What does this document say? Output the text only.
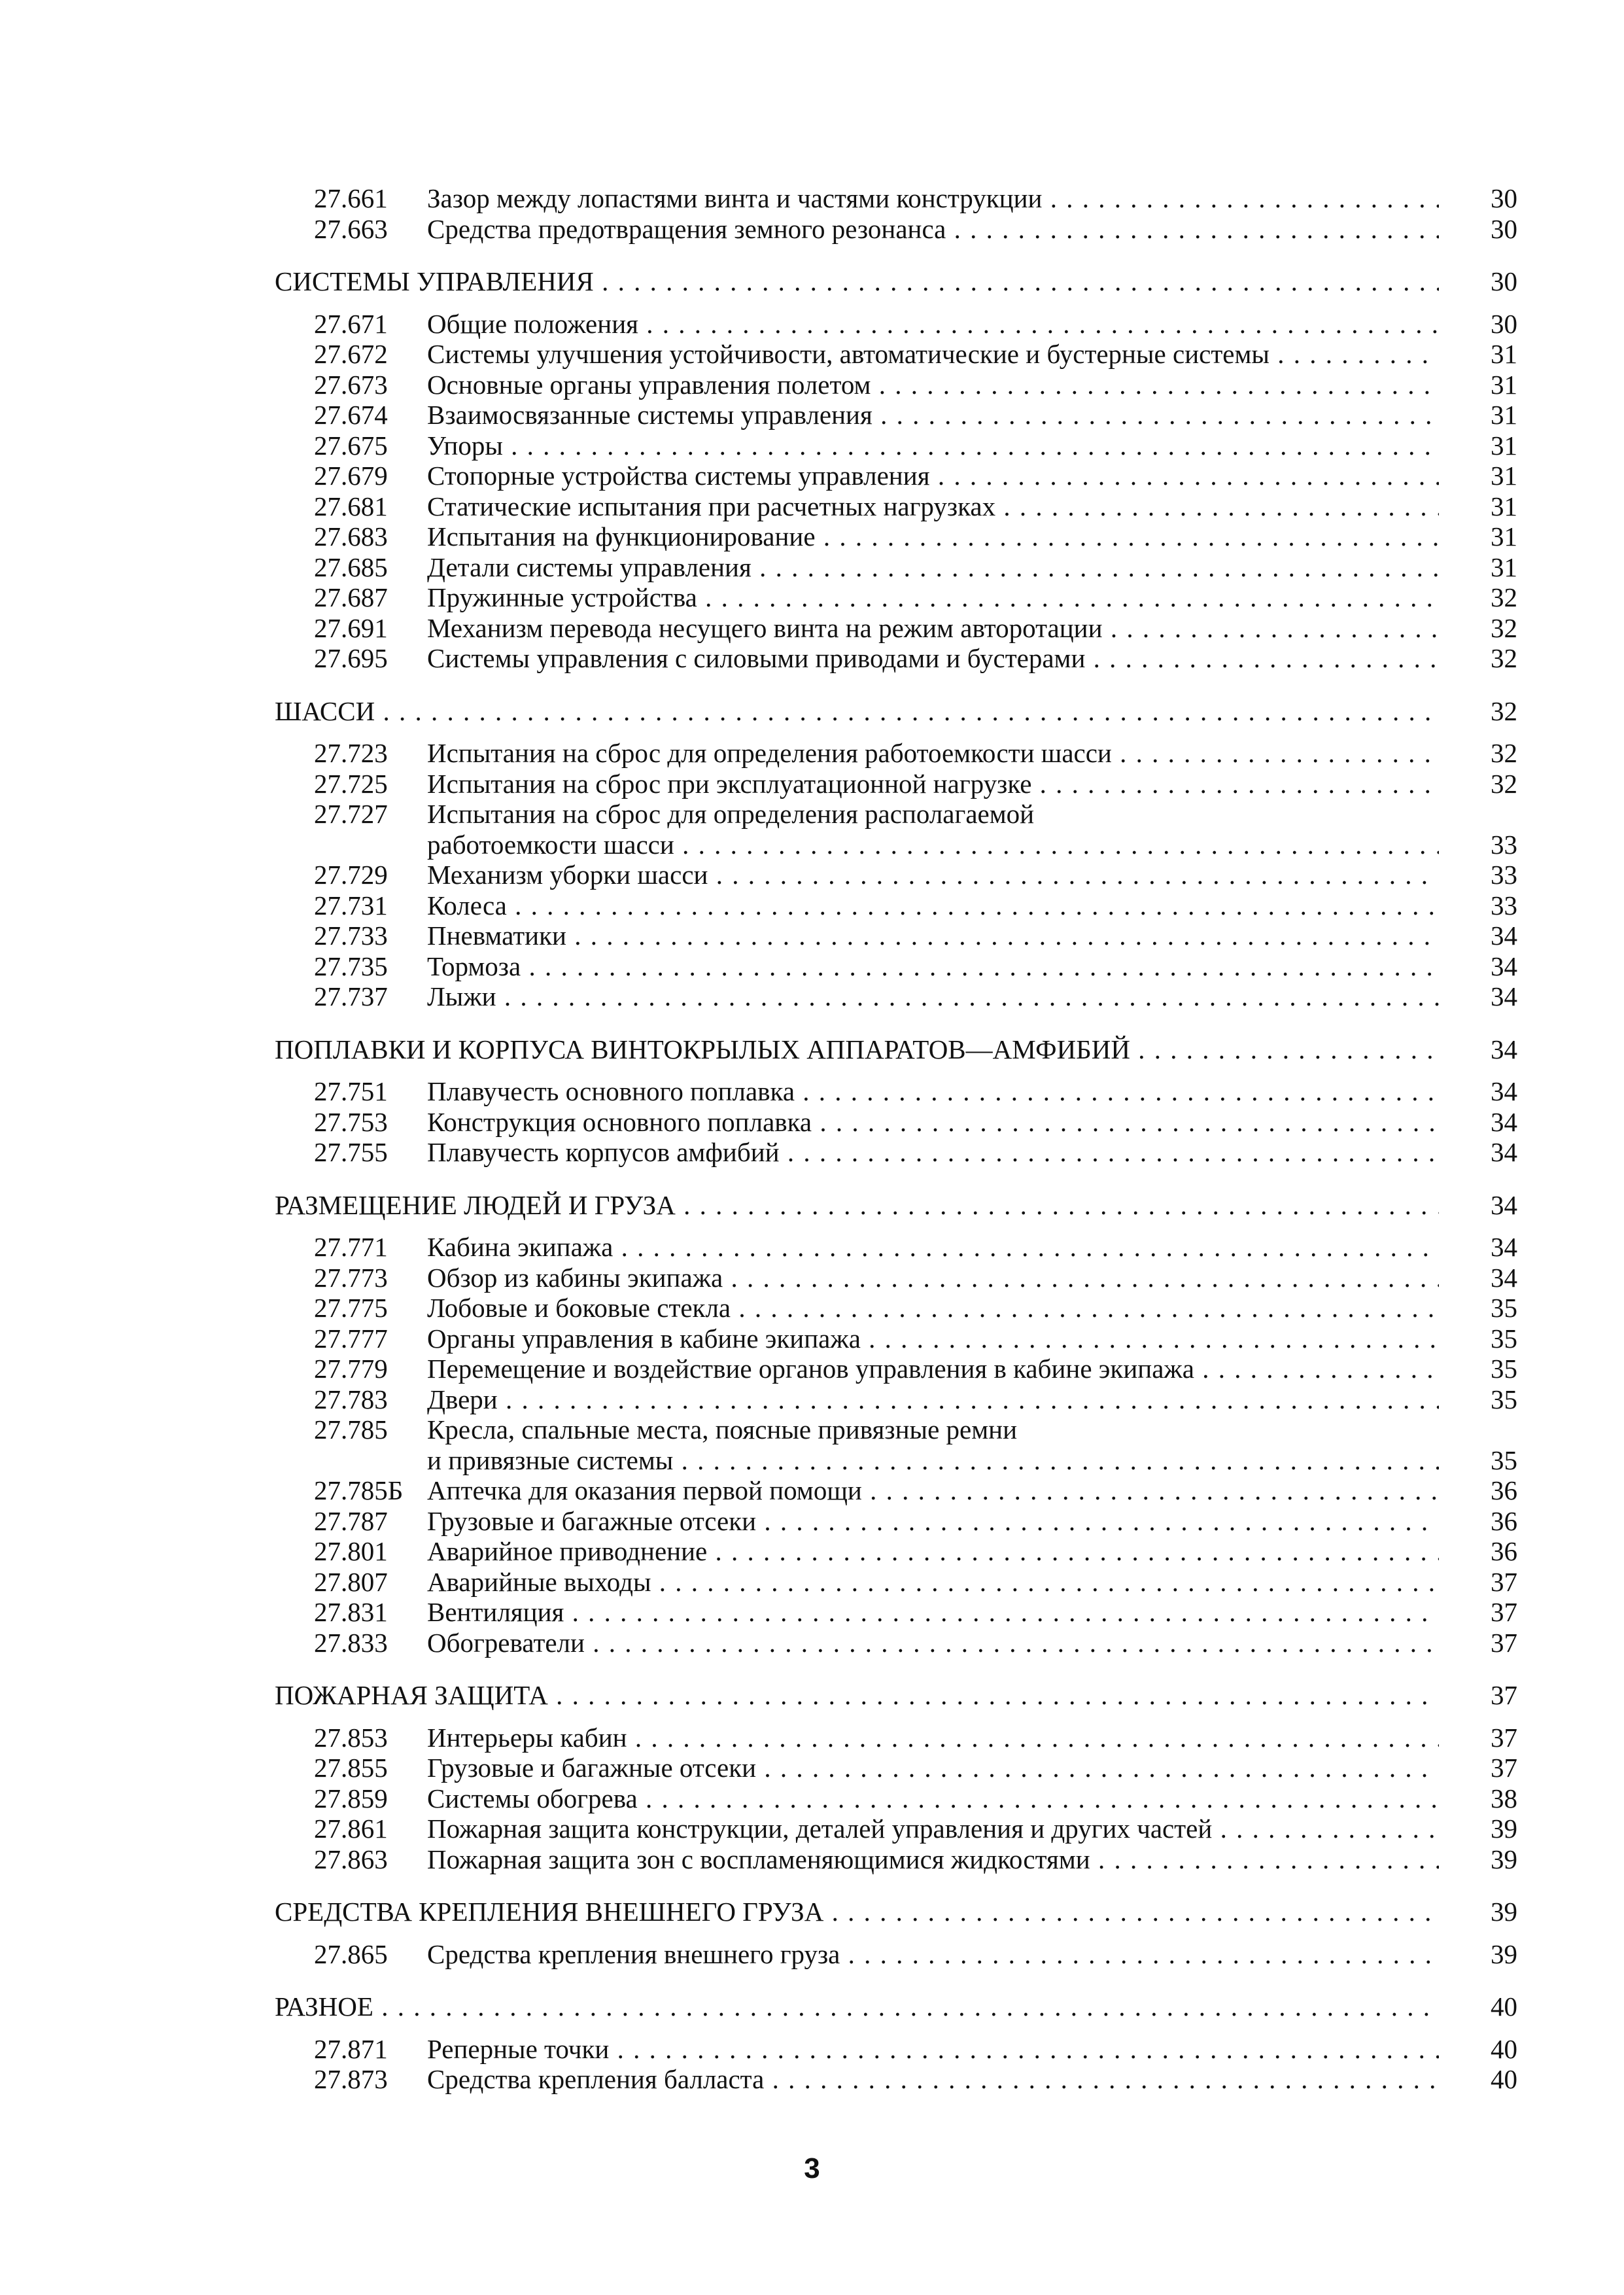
27.661 Зазор между лопастями винта и частями конструкции . . .	30
27.663 Средства предотвращения земного резонанса . . .	30
СИСТЕМЫ УПРАВЛЕНИЯ . . .	30
27.671 Общие положения . . .	30
27.672 Системы улучшения устойчивости, автоматические и бустерные системы . . .	31
27.673 Основные органы управления полетом . . .	31
27.674 Взаимосвязанные системы управления . . .	31
27.675 Упоры . . .	31
27.679 Стопорные устройства системы управления . . .	31
27.681 Статические испытания при расчетных нагрузках . . .	31
27.683 Испытания на функционирование . . .	31
27.685 Детали системы управления . . .	31
27.687 Пружинные устройства . . .	32
27.691 Механизм перевода несущего винта на режим авторотации . . .	32
27.695 Системы управления с силовыми приводами и бустерами . . .	32
ШАССИ . . .	32
27.723 Испытания на сброс для определения работоемкости шасси . . .	32
27.725 Испытания на сброс при эксплуатационной нагрузке . . .	32
27.727 Испытания на сброс для определения располагаемой
работоемкости шасси . . .	33
27.729 Механизм уборки шасси . . .	33
27.731 Колеса . . .	33
27.733 Пневматики . . .	34
27.735 Тормоза . . .	34
27.737 Лыжи . . .	34
ПОПЛАВКИ И КОРПУСА ВИНТОКРЫЛЫХ АППАРАТОВ—АМФИБИЙ . . .	34
27.751 Плавучесть основного поплавка . . .	34
27.753 Конструкция основного поплавка . . .	34
27.755 Плавучесть корпусов амфибий . . .	34
РАЗМЕЩЕНИЕ ЛЮДЕЙ И ГРУЗА . . .	34
27.771 Кабина экипажа . . .	34
27.773 Обзор из кабины экипажа . . .	34
27.775 Лобовые и боковые стекла . . .	35
27.777 Органы управления в кабине экипажа . . .	35
27.779 Перемещение и воздействие органов управления в кабине экипажа . . .	35
27.783 Двери . . .	35
27.785 Кресла, спальные места, поясные привязные ремни
и привязные системы . . .	35
27.785Б Аптечка для оказания первой помощи . . .	36
27.787 Грузовые и багажные отсеки . . .	36
27.801 Аварийное приводнение . . .	36
27.807 Аварийные выходы . . .	37
27.831 Вентиляция . . .	37
27.833 Обогреватели . . .	37
ПОЖАРНАЯ ЗАЩИТА . . .	37
27.853 Интерьеры кабин . . .	37
27.855 Грузовые и багажные отсеки . . .	37
27.859 Системы обогрева . . .	38
27.861 Пожарная защита конструкции, деталей управления и других частей . . .	39
27.863 Пожарная защита зон с воспламеняющимися жидкостями . . .	39
СРЕДСТВА КРЕПЛЕНИЯ ВНЕШНЕГО ГРУЗА . . .	39
27.865 Средства крепления внешнего груза . . .	39
РАЗНОЕ . . .	40
27.871 Реперные точки . . .	40
27.873 Средства крепления балласта . . .	40
3
